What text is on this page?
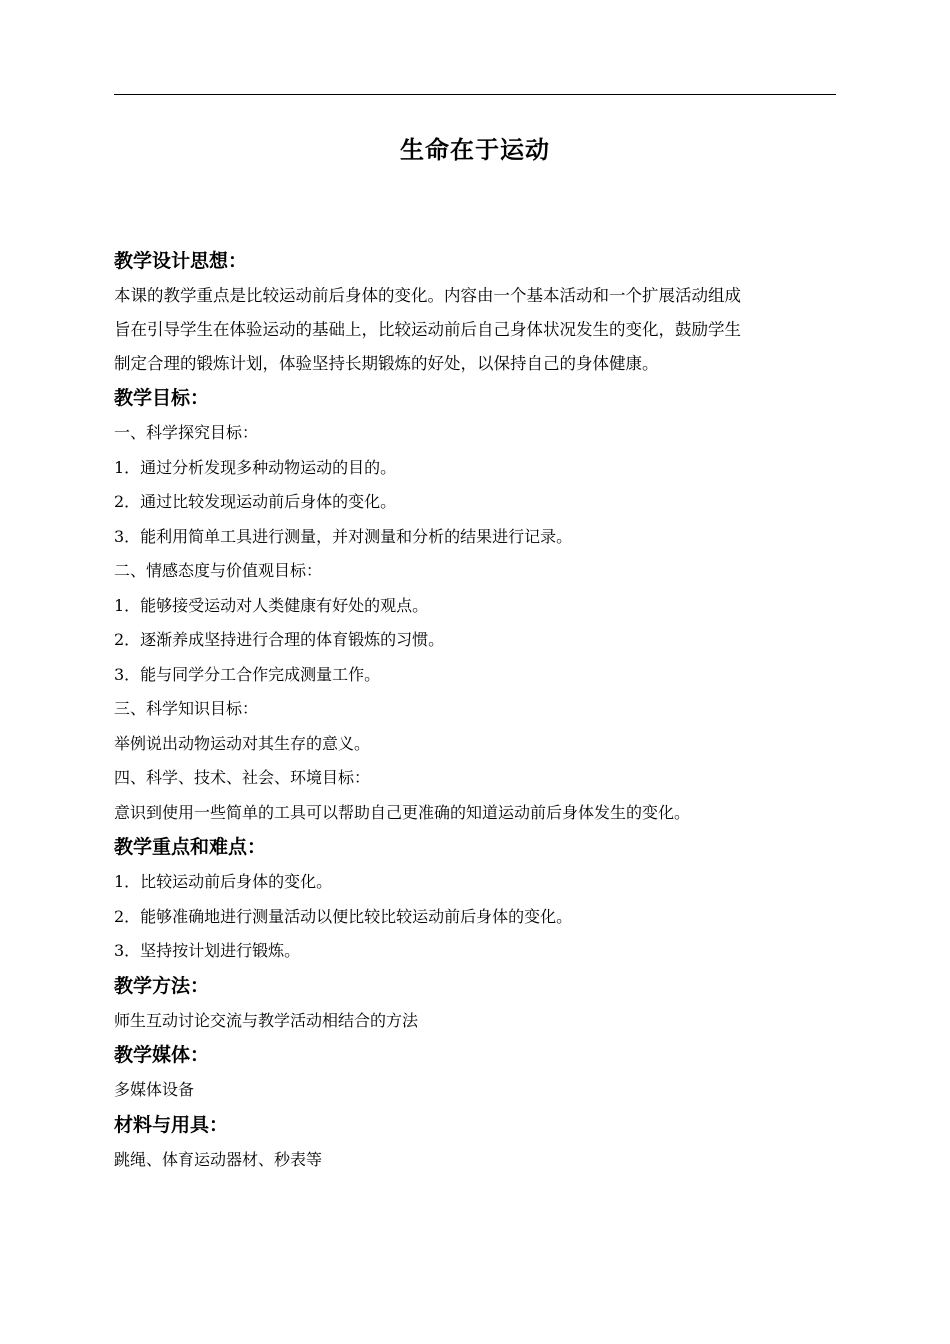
生命在于运动
教学设计思想：
本课的教学重点是比较运动前后身体的变化。内容由一个基本活动和一个扩展活动组成
旨在引导学生在体验运动的基础上，比较运动前后自己身体状况发生的变化，鼓励学生
制定合理的锻炼计划，体验坚持长期锻炼的好处，以保持自己的身体健康。
教学目标：
一、科学探究目标：
1．通过分析发现多种动物运动的目的。
2．通过比较发现运动前后身体的变化。
3．能利用简单工具进行测量，并对测量和分析的结果进行记录。
二、情感态度与价值观目标：
1．能够接受运动对人类健康有好处的观点。
2．逐渐养成坚持进行合理的体育锻炼的习惯。
3．能与同学分工合作完成测量工作。
三、科学知识目标：
举例说出动物运动对其生存的意义。
四、科学、技术、社会、环境目标：
意识到使用一些简单的工具可以帮助自己更准确的知道运动前后身体发生的变化。
教学重点和难点：
1．比较运动前后身体的变化。
2．能够准确地进行测量活动以便比较比较运动前后身体的变化。
3．坚持按计划进行锻炼。
教学方法：
师生互动讨论交流与教学活动相结合的方法
教学媒体：
多媒体设备
材料与用具：
跳绳、体育运动器材、秒表等
